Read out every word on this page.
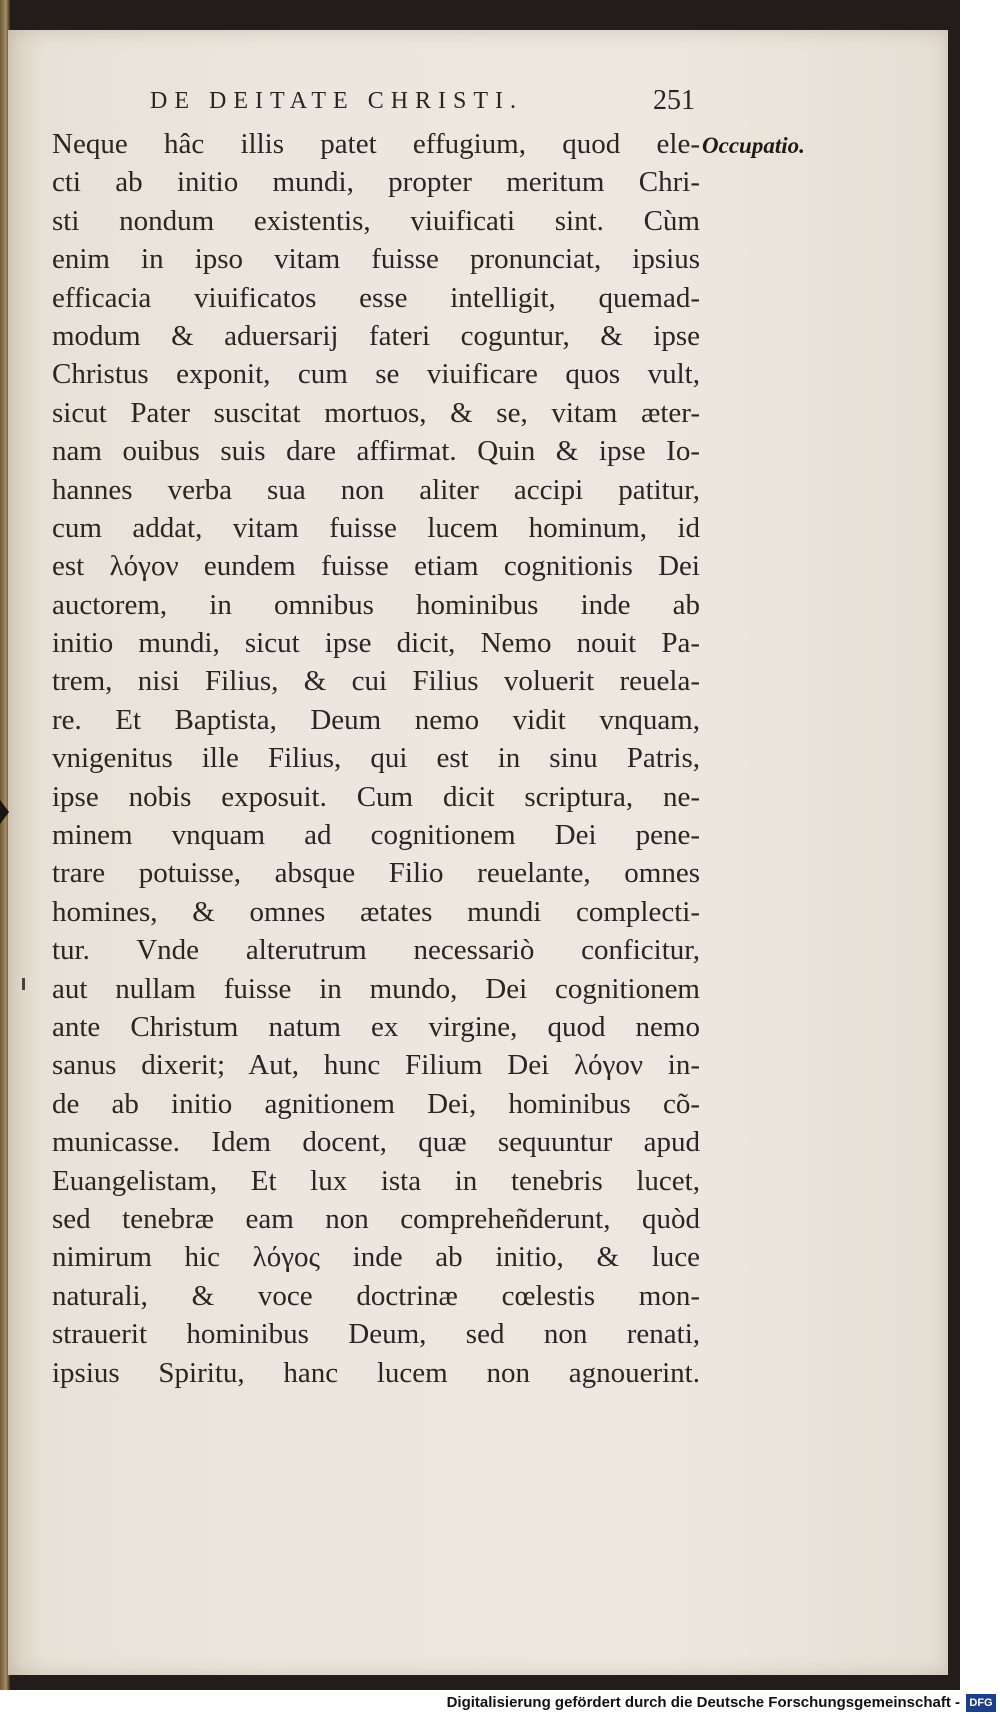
DE DEITATE CHRISTI.	251
Occupatio.
Neque hâc illis patet effugium, quod ele-
cti ab initio mundi, propter meritum Chri-
sti nondum existentis, viuificati sint. Cùm
enim in ipso vitam fuisse pronunciat, ipsius
efficacia viuificatos esse intelligit, quemad-
modum & aduersarij fateri coguntur, & ipse
Christus exponit, cum se viuificare quos vult,
sicut Pater suscitat mortuos, & se, vitam æter-
nam ouibus suis dare affirmat. Quin & ipse Io-
hannes verba sua non aliter accipi patitur,
cum addat, vitam fuisse lucem hominum, id
est λόγον eundem fuisse etiam cognitionis Dei
auctorem, in omnibus hominibus inde ab
initio mundi, sicut ipse dicit, Nemo nouit Pa-
trem, nisi Filius, & cui Filius voluerit reuela-
re. Et Baptista, Deum nemo vidit vnquam,
vnigenitus ille Filius, qui est in sinu Patris,
ipse nobis exposuit. Cum dicit scriptura, ne-
minem vnquam ad cognitionem Dei pene-
trare potuisse, absque Filio reuelante, omnes
homines, & omnes ætates mundi complecti-
tur. Vnde alterutrum necessariò conficitur,
aut nullam fuisse in mundo, Dei cognitionem
ante Christum natum ex virgine, quod nemo
sanus dixerit; Aut, hunc Filium Dei λόγον in-
de ab initio agnitionem Dei, hominibus cõ-
municasse. Idem docent, quæ sequuntur apud
Euangelistam, Et lux ista in tenebris lucet,
sed tenebræ eam non compreheñderunt, quòd
nimirum hic λόγος inde ab initio, & luce
naturali, & voce doctrinæ cœlestis mon-
strauerit hominibus Deum, sed non renati,
ipsius Spiritu, hanc lucem non agnouerint.
Digitalisierung gefördert durch die Deutsche Forschungsgemeinschaft - DFG
